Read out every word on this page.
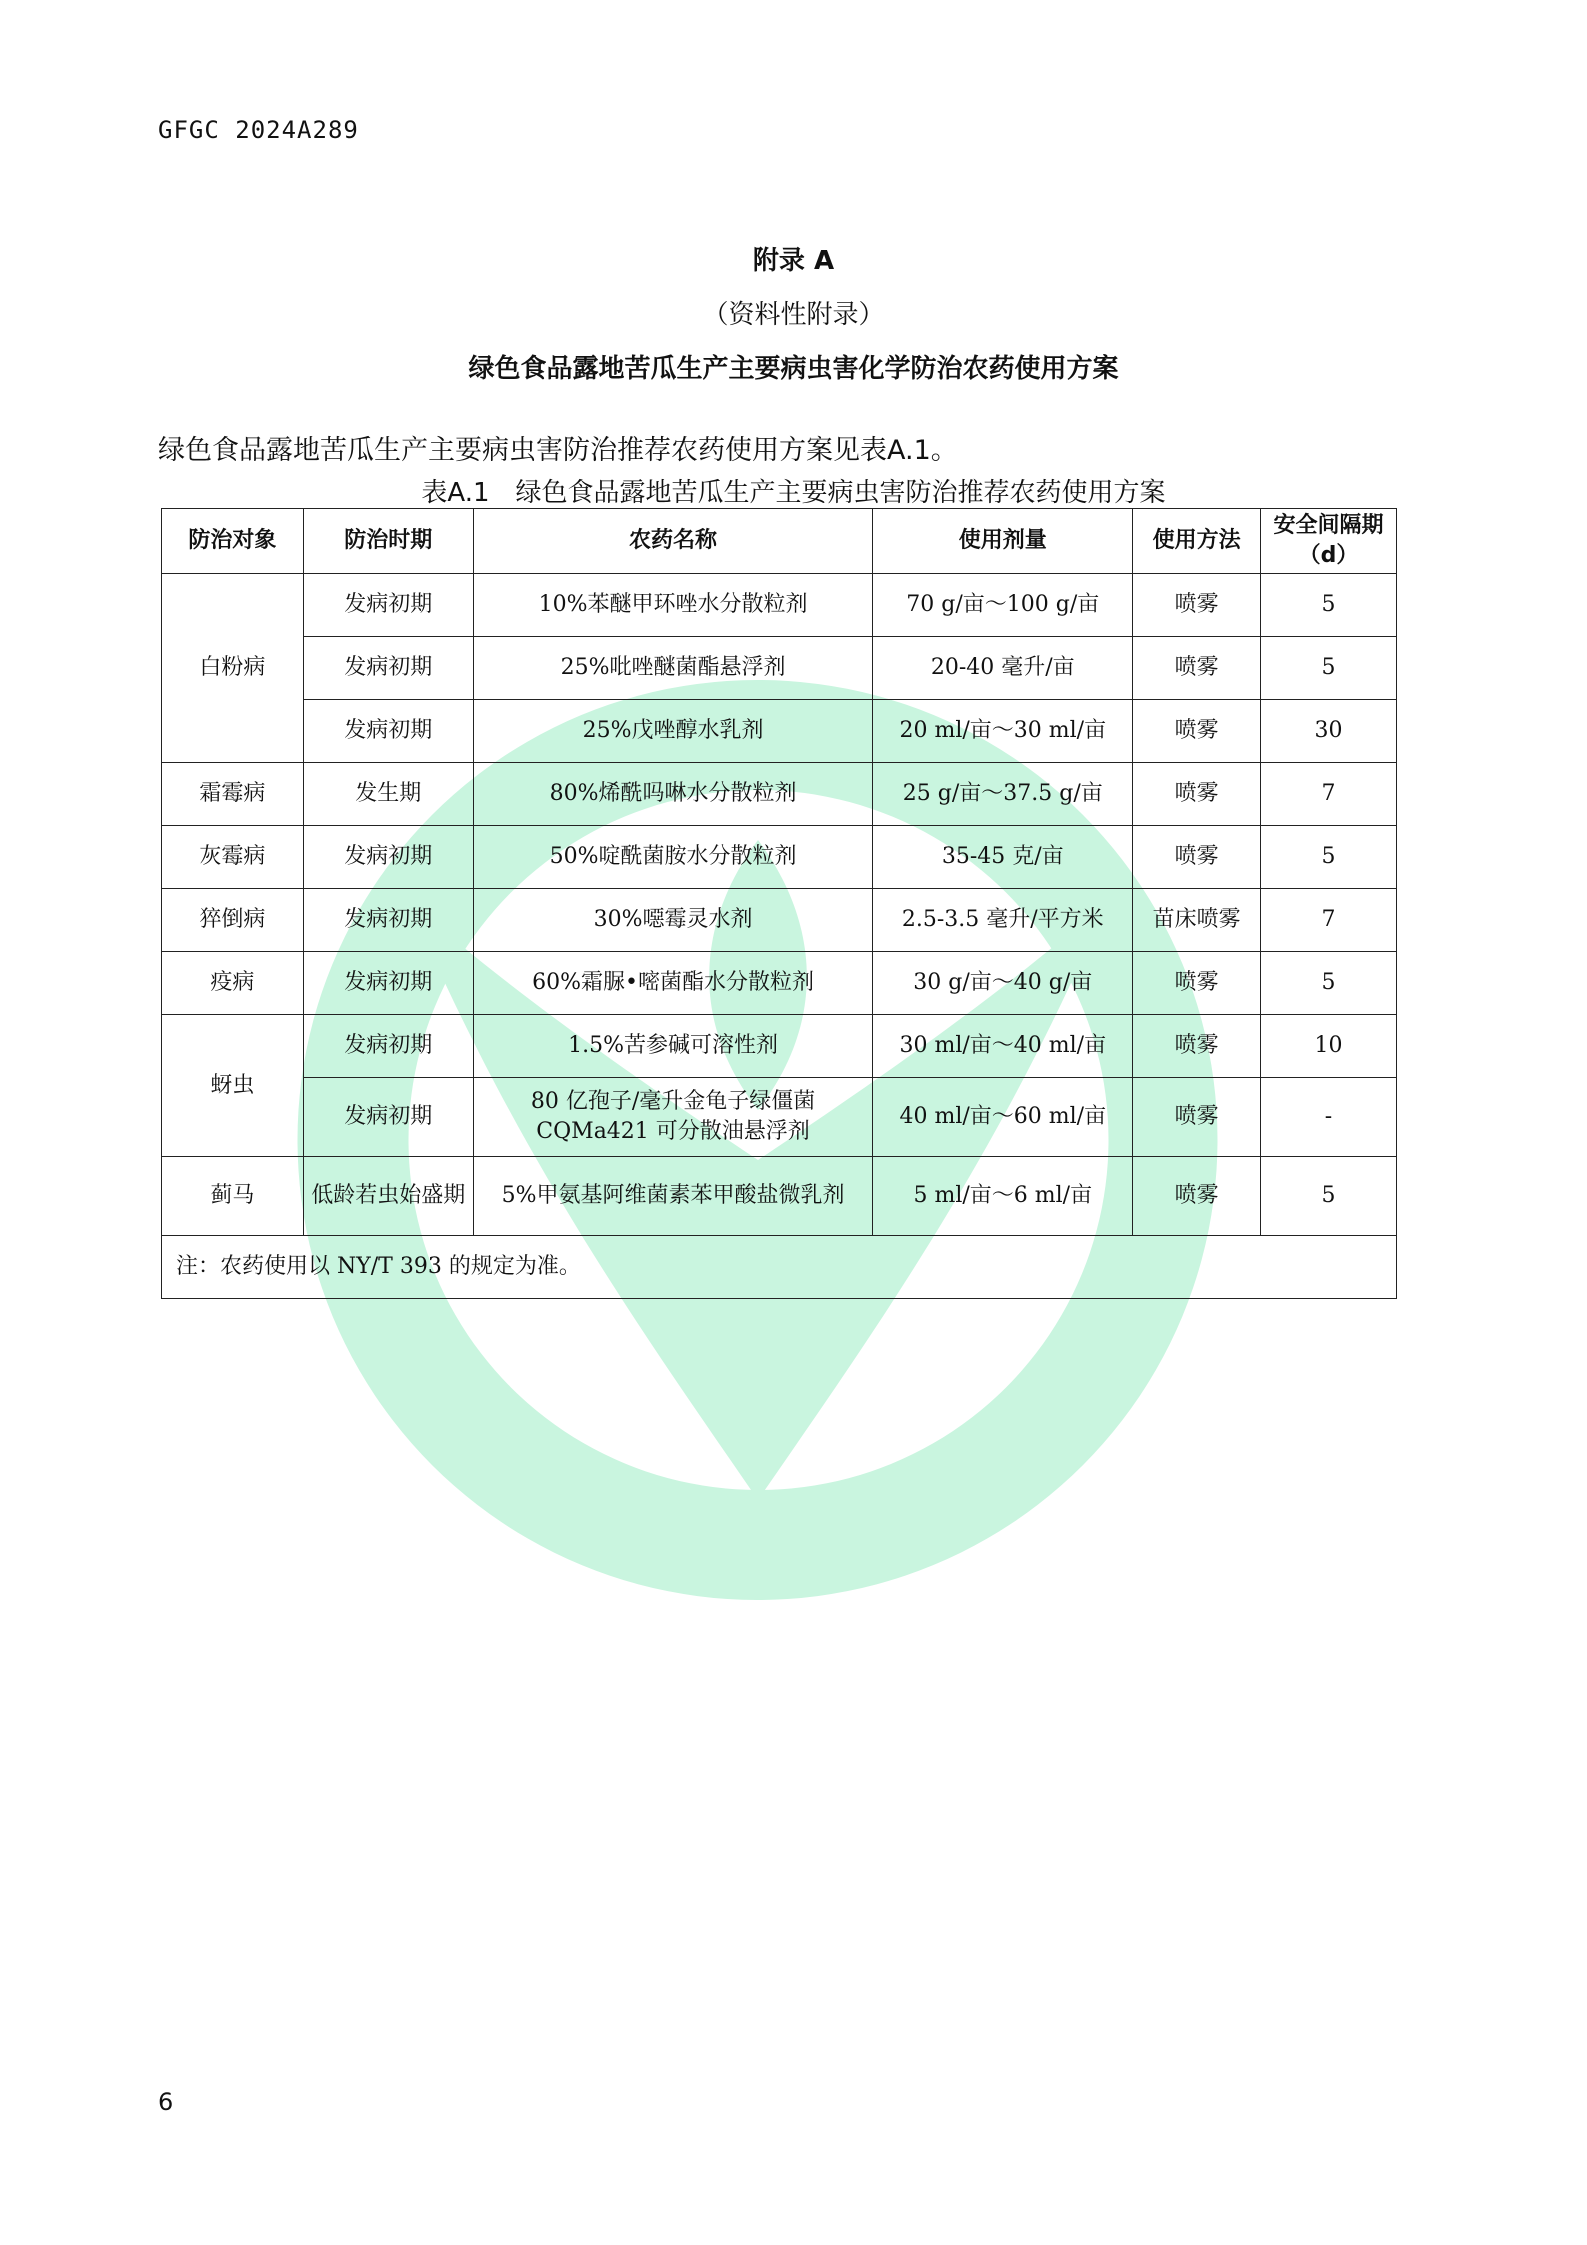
GFGC 2024A289
附录 A
（资料性附录）
绿色食品露地苦瓜生产主要病虫害化学防治农药使用方案
绿色食品露地苦瓜生产主要病虫害防治推荐农药使用方案见表A.1。
表A.1　绿色食品露地苦瓜生产主要病虫害防治推荐农药使用方案
防治对象	防治时期	农药名称	使用剂量	使用方法	安全间隔期（d）
白粉病	发病初期	10%苯醚甲环唑水分散粒剂	70 g/亩～100 g/亩	喷雾	5
	发病初期	25%吡唑醚菌酯悬浮剂	20-40 毫升/亩	喷雾	5
	发病初期	25%戊唑醇水乳剂	20 ml/亩～30 ml/亩	喷雾	30
霜霉病	发生期	80%烯酰吗啉水分散粒剂	25 g/亩～37.5 g/亩	喷雾	7
灰霉病	发病初期	50%啶酰菌胺水分散粒剂	35-45 克/亩	喷雾	5
猝倒病	发病初期	30%噁霉灵水剂	2.5-3.5 毫升/平方米	苗床喷雾	7
疫病	发病初期	60%霜脲•嘧菌酯水分散粒剂	30 g/亩～40 g/亩	喷雾	5
蚜虫	发病初期	1.5%苦参碱可溶性剂	30 ml/亩～40 ml/亩	喷雾	10
	发病初期	80 亿孢子/毫升金龟子绿僵菌 CQMa421 可分散油悬浮剂	40 ml/亩～60 ml/亩	喷雾	-
蓟马	低龄若虫始盛期	5%甲氨基阿维菌素苯甲酸盐微乳剂	5 ml/亩～6 ml/亩	喷雾	5
注：农药使用以 NY/T 393 的规定为准。					
6
